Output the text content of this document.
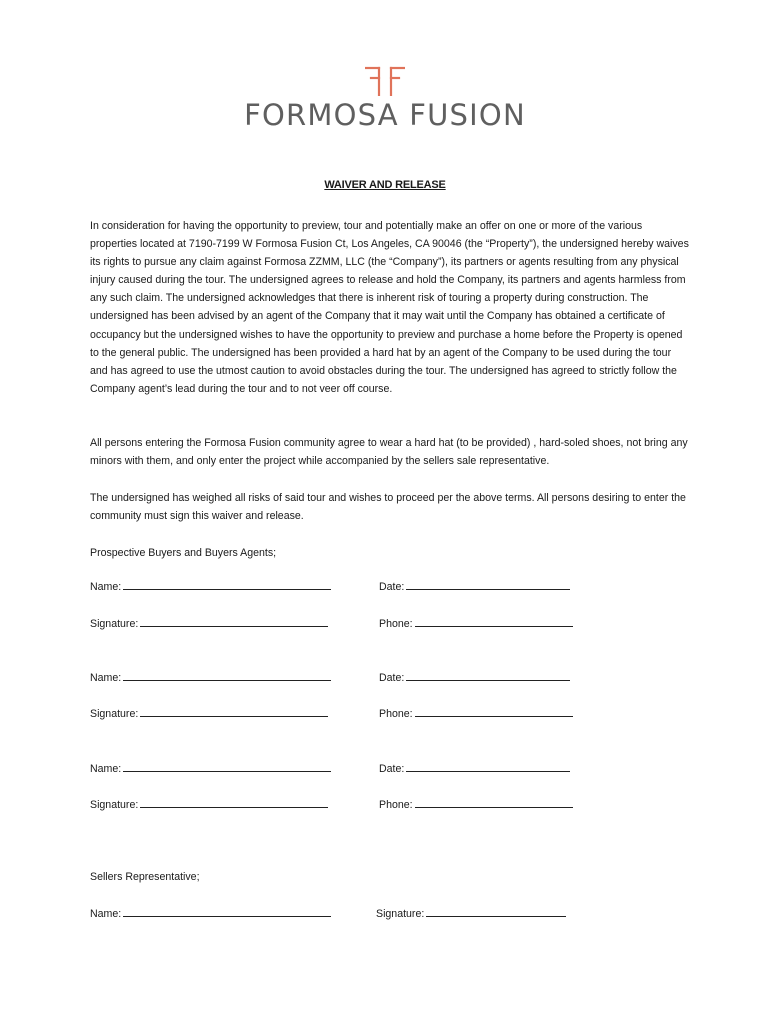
FORMOSA FUSION
WAIVER AND RELEASE

In consideration for having the opportunity to preview, tour and potentially make an offer on one or more of the various properties located at 7190-7199 W Formosa Fusion Ct, Los Angeles, CA 90046 (the “Property”), the undersigned hereby waives its rights to pursue any claim against Formosa ZZMM, LLC (the “Company”), its partners or agents resulting from any physical injury caused during the tour. The undersigned agrees to release and hold the Company, its partners and agents harmless from any such claim. The undersigned acknowledges that there is inherent risk of touring a property during construction. The undersigned has been advised by an agent of the Company that it may wait until the Company has obtained a certificate of occupancy but the undersigned wishes to have the opportunity to preview and purchase a home before the Property is opened to the general public. The undersigned has been provided a hard hat by an agent of the Company to be used during the tour and has agreed to use the utmost caution to avoid obstacles during the tour. The undersigned has agreed to strictly follow the Company agent’s lead during the tour and to not veer off course.

All persons entering the Formosa Fusion community agree to wear a hard hat (to be provided) , hard-soled shoes, not bring any minors with them, and only enter the project while accompanied by the sellers sale representative.

The undersigned has weighed all risks of said tour and wishes to proceed per the above terms. All persons desiring to enter the community must sign this waiver and release.

Prospective Buyers and Buyers Agents;

Name:	Date:
Signature:	Phone:
Name:	Date:
Signature:	Phone:
Name:	Date:
Signature:	Phone:
Sellers Representative;
Name:	Signature:
